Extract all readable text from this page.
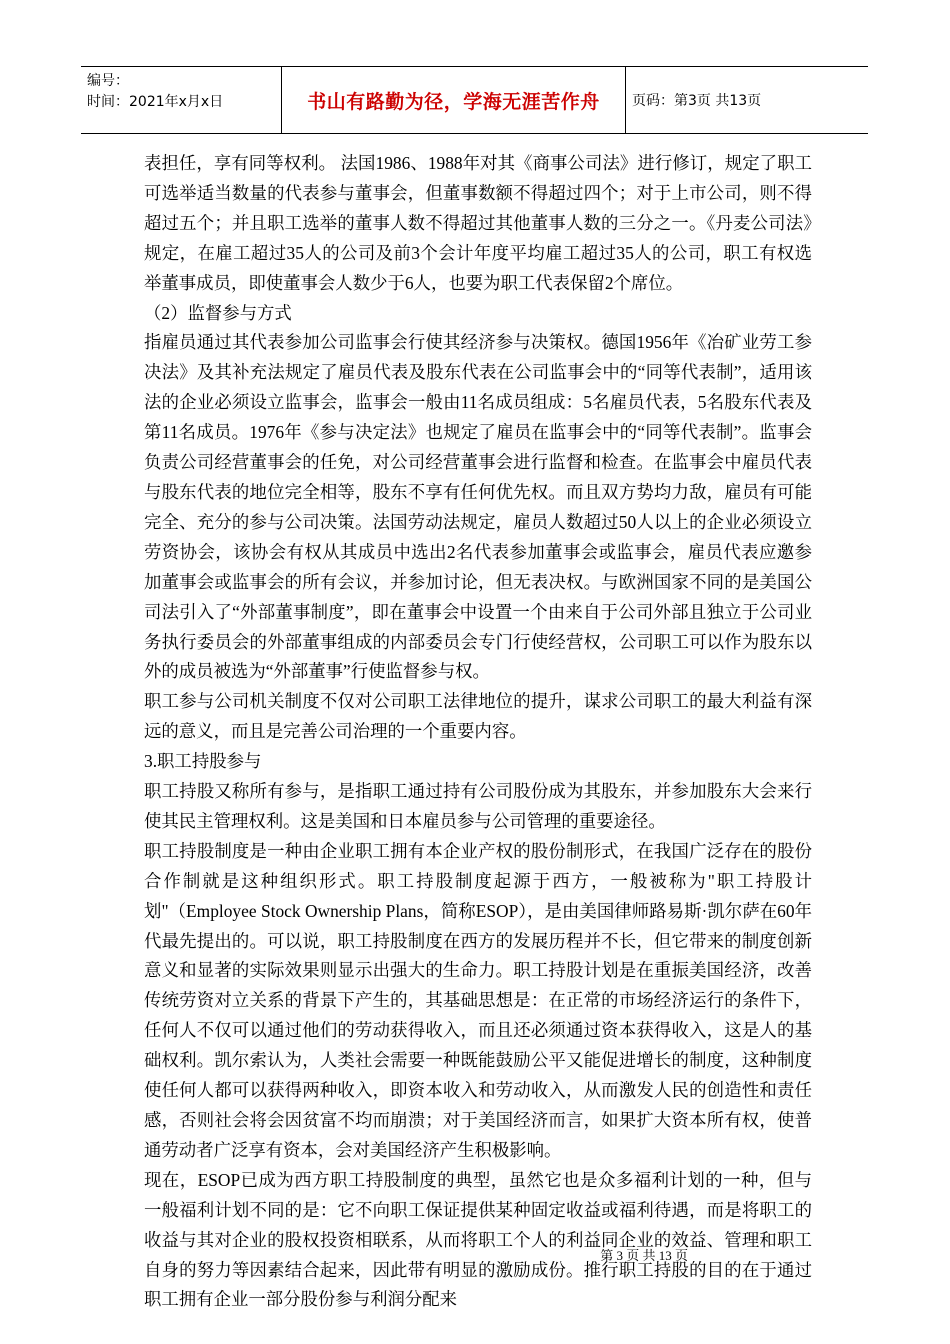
编号：
时间：2021年x月x日	书山有路勤为径，学海无涯苦作舟 页码：第3页 共13页

表担任，享有同等权利。 法国1986、1988年对其《商事公司法》进行修订，规定了职工可选举适当数量的代表参与董事会，但董事数额不得超过四个；对于上市公司，则不得超过五个；并且职工选举的董事人数不得超过其他董事人数的三分之一。《丹麦公司法》规定，在雇工超过35人的公司及前3个会计年度平均雇工超过35人的公司，职工有权选举董事成员，即使董事会人数少于6人，也要为职工代表保留2个席位。

（2）监督参与方式

指雇员通过其代表参加公司监事会行使其经济参与决策权。德国1956年《冶矿业劳工参决法》及其补充法规定了雇员代表及股东代表在公司监事会中的“同等代表制”，适用该法的企业必须设立监事会，监事会一般由11名成员组成：5名雇员代表，5名股东代表及第11名成员。1976年《参与决定法》也规定了雇员在监事会中的“同等代表制”。监事会负责公司经营董事会的任免，对公司经营董事会进行监督和检查。在监事会中雇员代表与股东代表的地位完全相等，股东不享有任何优先权。而且双方势均力敌，雇员有可能完全、充分的参与公司决策。法国劳动法规定，雇员人数超过50人以上的企业必须设立劳资协会，该协会有权从其成员中选出2名代表参加董事会或监事会，雇员代表应邀参加董事会或监事会的所有会议，并参加讨论，但无表决权。与欧洲国家不同的是美国公司法引入了“外部董事制度”，即在董事会中设置一个由来自于公司外部且独立于公司业务执行委员会的外部董事组成的内部委员会专门行使经营权，公司职工可以作为股东以外的成员被选为“外部董事”行使监督参与权。

职工参与公司机关制度不仅对公司职工法律地位的提升，谋求公司职工的最大利益有深远的意义，而且是完善公司治理的一个重要内容。

3.职工持股参与

职工持股又称所有参与，是指职工通过持有公司股份成为其股东，并参加股东大会来行使其民主管理权利。这是美国和日本雇员参与公司管理的重要途径。

职工持股制度是一种由企业职工拥有本企业产权的股份制形式，在我国广泛存在的股份合作制就是这种组织形式。职工持股制度起源于西方，一般被称为"职工持股计划"（Employee Stock Ownership Plans，简称ESOP），是由美国律师路易斯·凯尔萨在60年代最先提出的。可以说，职工持股制度在西方的发展历程并不长，但它带来的制度创新意义和显著的实际效果则显示出强大的生命力。职工持股计划是在重振美国经济，改善传统劳资对立关系的背景下产生的，其基础思想是：在正常的市场经济运行的条件下，任何人不仅可以通过他们的劳动获得收入，而且还必须通过资本获得收入，这是人的基础权利。凯尔索认为，人类社会需要一种既能鼓励公平又能促进增长的制度，这种制度使任何人都可以获得两种收入，即资本收入和劳动收入，从而激发人民的创造性和责任感，否则社会将会因贫富不均而崩溃；对于美国经济而言，如果扩大资本所有权，使普通劳动者广泛享有资本，会对美国经济产生积极影响。

现在，ESOP已成为西方职工持股制度的典型，虽然它也是众多福利计划的一种，但与一般福利计划不同的是：它不向职工保证提供某种固定收益或福利待遇，而是将职工的收益与其对企业的股权投资相联系，从而将职工个人的利益同企业的效益、管理和职工自身的努力等因素结合起来，因此带有明显的激励成份。推行职工持股的目的在于通过职工拥有企业一部分股份参与利润分配来

第 3 页 共 13 页
